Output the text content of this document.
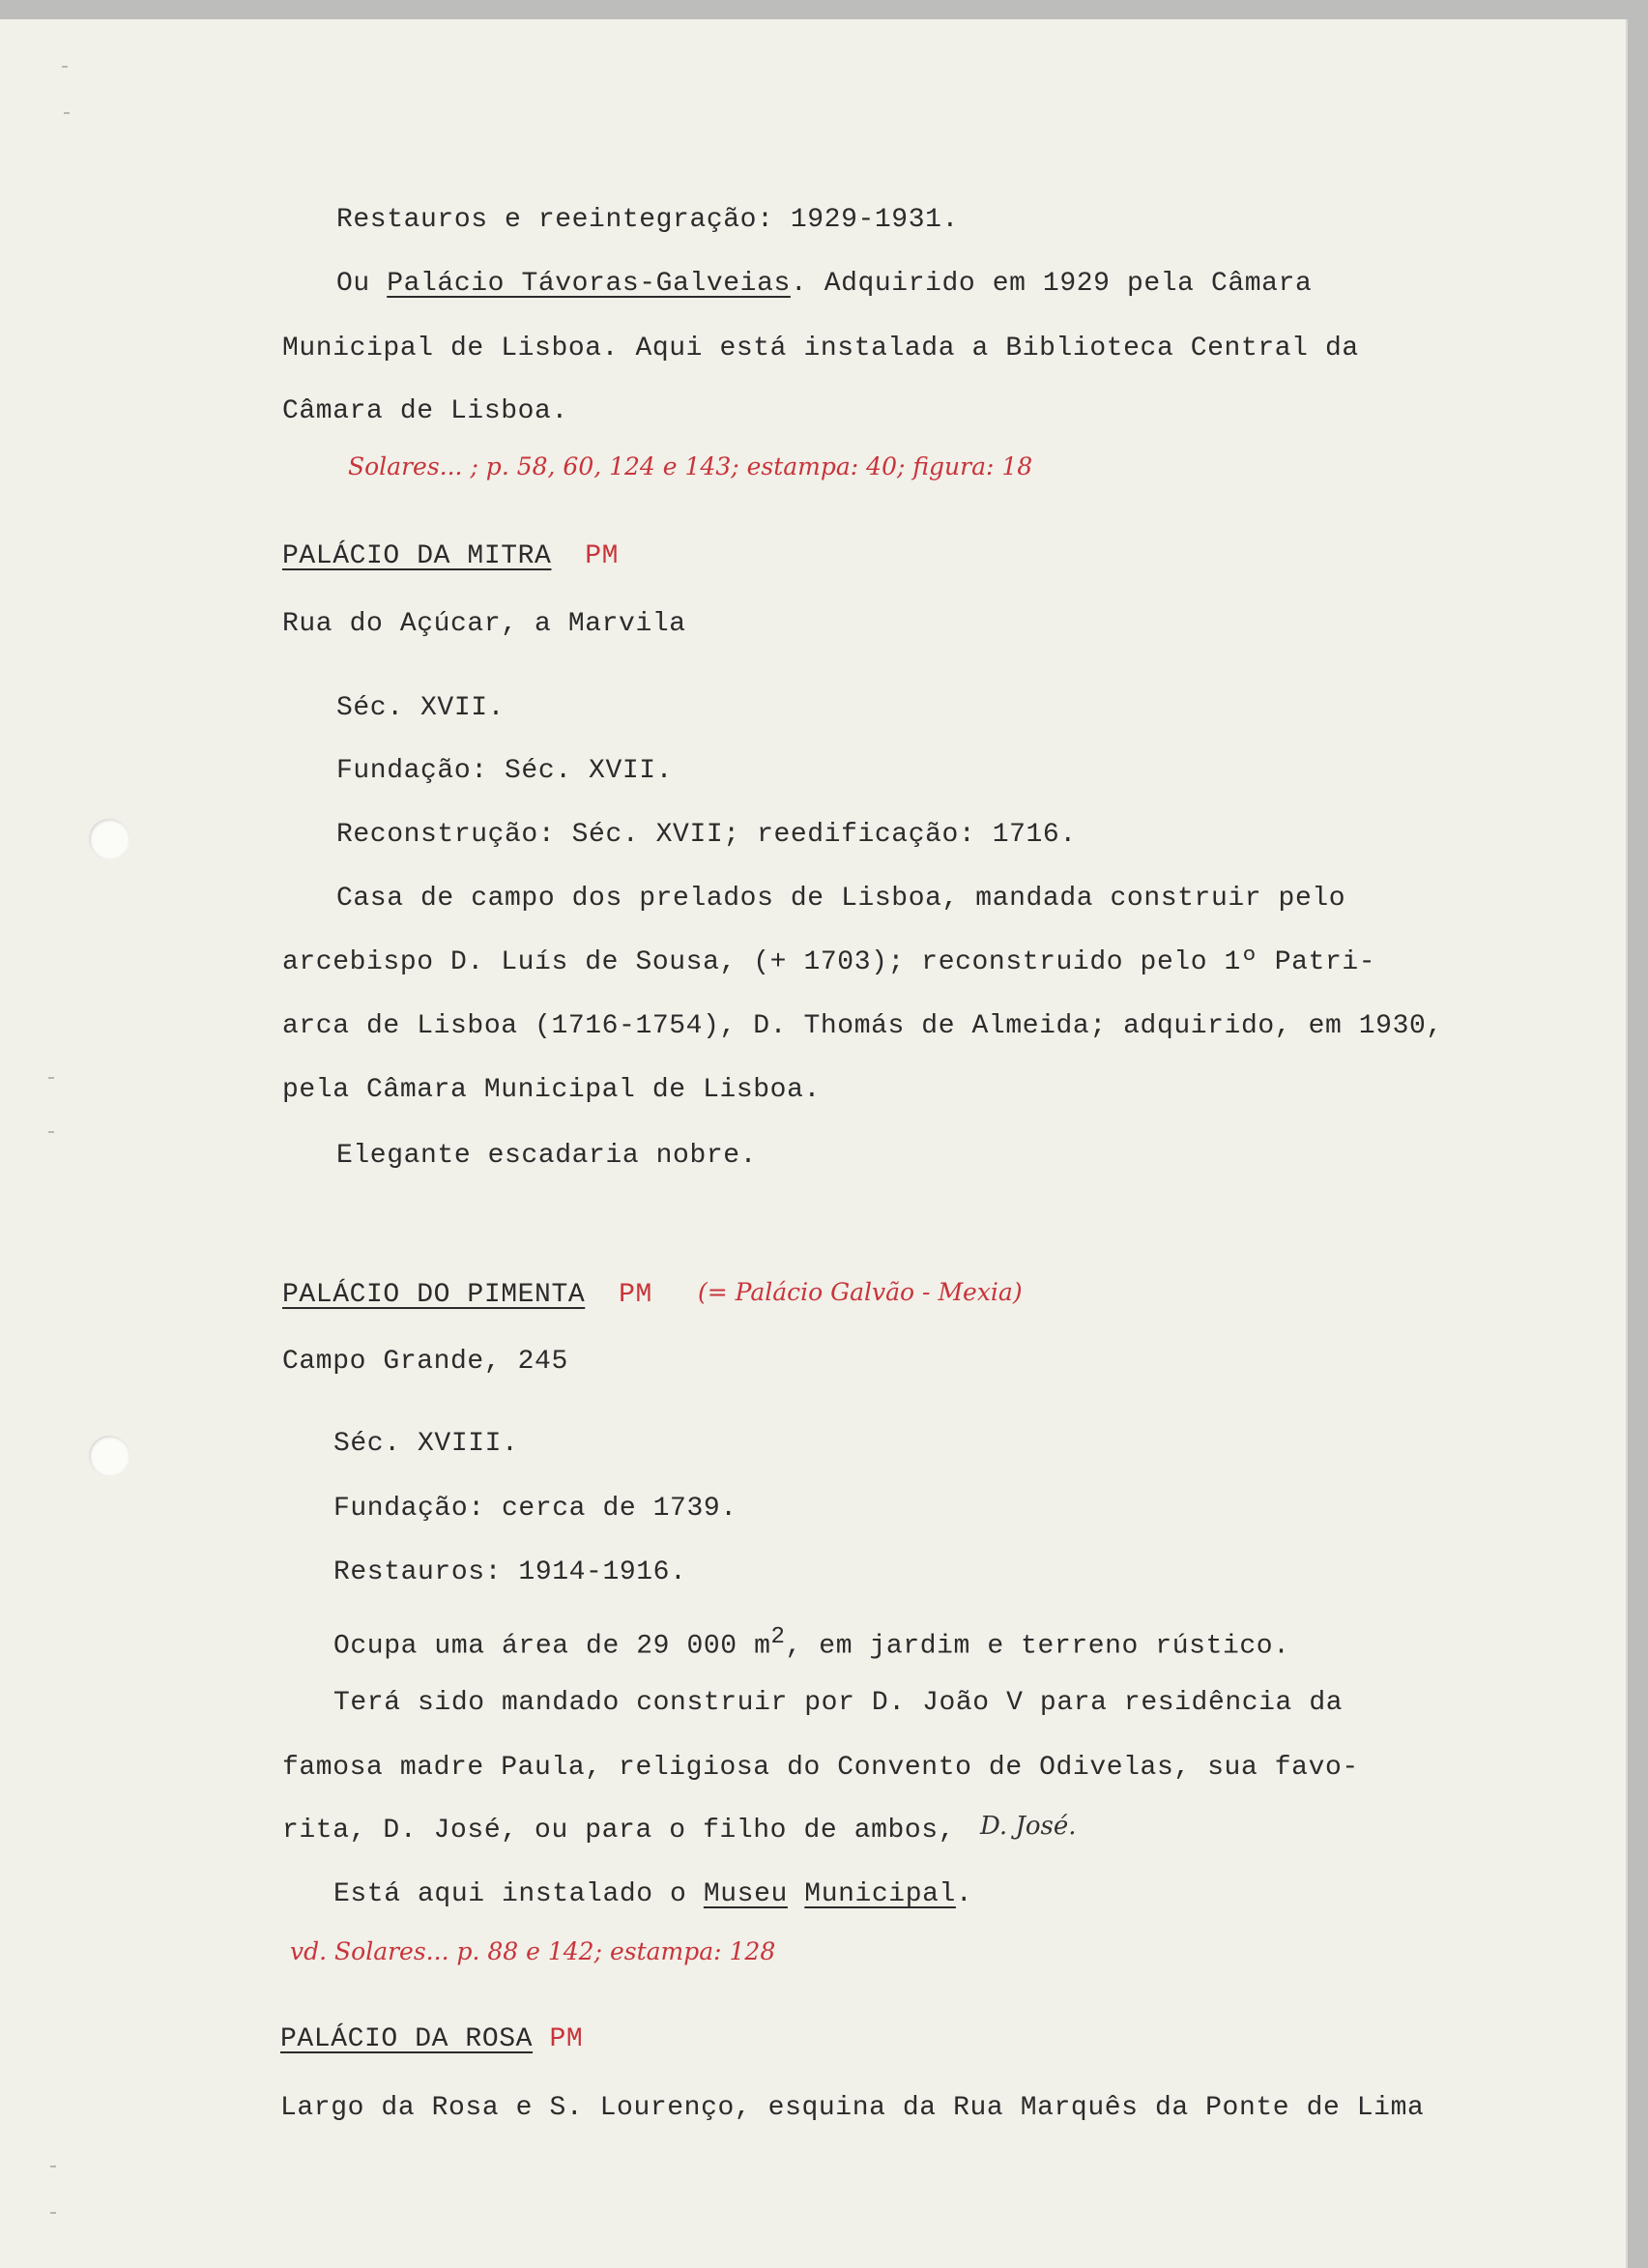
Restauros e reeintegração: 1929-1931.
Ou Palácio Távoras-Galveias. Adquirido em 1929 pela Câmara
Municipal de Lisboa. Aqui está instalada a Biblioteca Central da
Câmara de Lisboa.
Solares... ; p. 58, 60, 124 e 143; estampa: 40; figura: 18
PALÁCIO DA MITRA PM
Rua do Açúcar, a Marvila
Séc. XVII.
Fundação: Séc. XVII.
Reconstrução: Séc. XVII; reedificação: 1716.
Casa de campo dos prelados de Lisboa, mandada construir pelo
arcebispo D. Luís de Sousa, (+ 1703); reconstruido pelo 1º Patri-
arca de Lisboa (1716-1754), D. Thomás de Almeida; adquirido, em 1930,
pela Câmara Municipal de Lisboa.
Elegante escadaria nobre.
PALÁCIO DO PIMENTA PM (= Palácio Galvão - Mexia)
Campo Grande, 245
Séc. XVIII.
Fundação: cerca de 1739.
Restauros: 1914-1916.
Ocupa uma área de 29 000 $m^2$, em jardim e terreno rústico.
Terá sido mandado construir por D. João V para residência da
famosa madre Paula, religiosa do Convento de Odivelas, sua favo-
rita, D. José, ou para o filho de ambos, D. José.
Está aqui instalado o Museu Municipal.
vd. Solares... p. 88 e 142; estampa: 128
PALÁCIO DA ROSA PM
Largo da Rosa e S. Lourenço, esquina da Rua Marquês da Ponte de Lima
